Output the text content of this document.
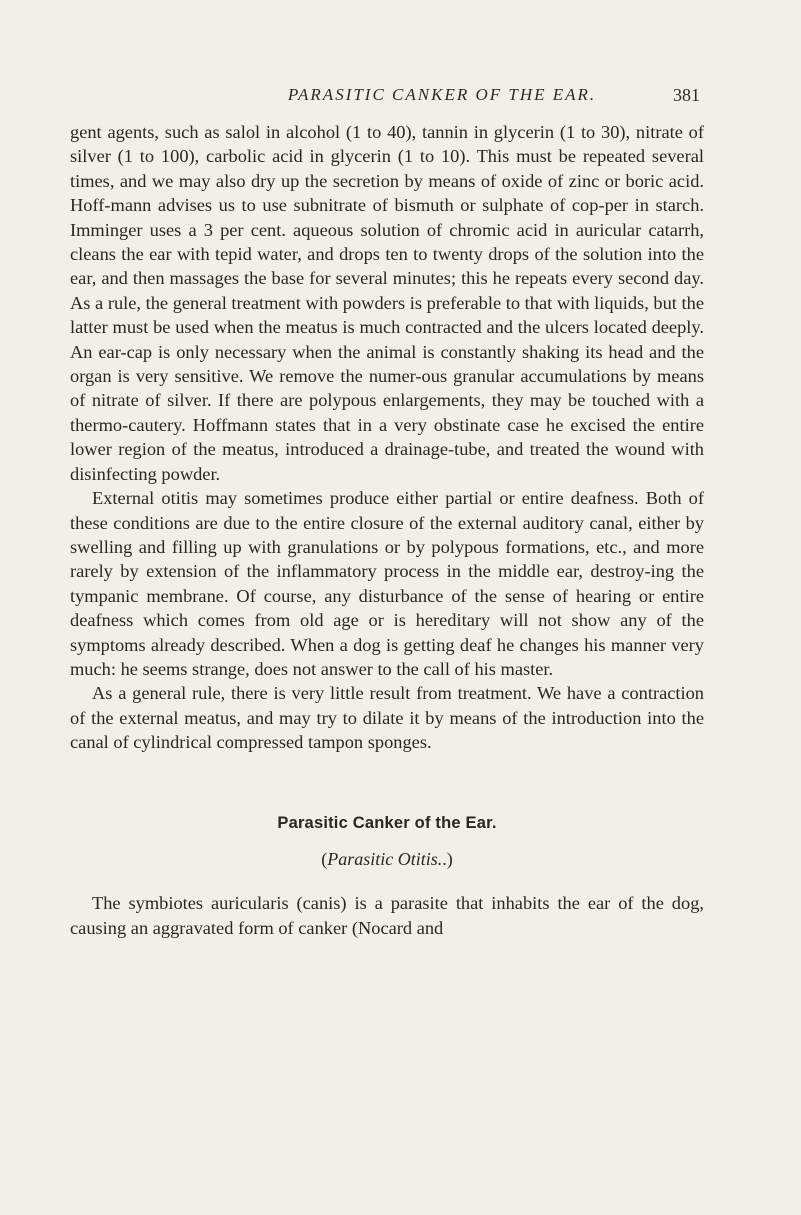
PARASITIC CANKER OF THE EAR.	381

gent agents, such as salol in alcohol (1 to 40), tannin in glycerin (1 to 30), nitrate of silver (1 to 100), carbolic acid in glycerin (1 to 10). This must be repeated several times, and we may also dry up the secretion by means of oxide of zinc or boric acid. Hoff-mann advises us to use subnitrate of bismuth or sulphate of cop-per in starch. Imminger uses a 3 per cent. aqueous solution of chromic acid in auricular catarrh, cleans the ear with tepid water, and drops ten to twenty drops of the solution into the ear, and then massages the base for several minutes; this he repeats every second day. As a rule, the general treatment with powders is preferable to that with liquids, but the latter must be used when the meatus is much contracted and the ulcers located deeply. An ear-cap is only necessary when the animal is constantly shaking its head and the organ is very sensitive. We remove the numer-ous granular accumulations by means of nitrate of silver. If there are polypous enlargements, they may be touched with a thermo-cautery. Hoffmann states that in a very obstinate case he excised the entire lower region of the meatus, introduced a drainage-tube, and treated the wound with disinfecting powder.

External otitis may sometimes produce either partial or entire deafness. Both of these conditions are due to the entire closure of the external auditory canal, either by swelling and filling up with granulations or by polypous formations, etc., and more rarely by extension of the inflammatory process in the middle ear, destroy-ing the tympanic membrane. Of course, any disturbance of the sense of hearing or entire deafness which comes from old age or is hereditary will not show any of the symptoms already described. When a dog is getting deaf he changes his manner very much: he seems strange, does not answer to the call of his master.

As a general rule, there is very little result from treatment. We have a contraction of the external meatus, and may try to dilate it by means of the introduction into the canal of cylindrical compressed tampon sponges.

Parasitic Canker of the Ear.
(Parasitic Otitis..)

The symbiotes auricularis (canis) is a parasite that inhabits the ear of the dog, causing an aggravated form of canker (Nocard and
